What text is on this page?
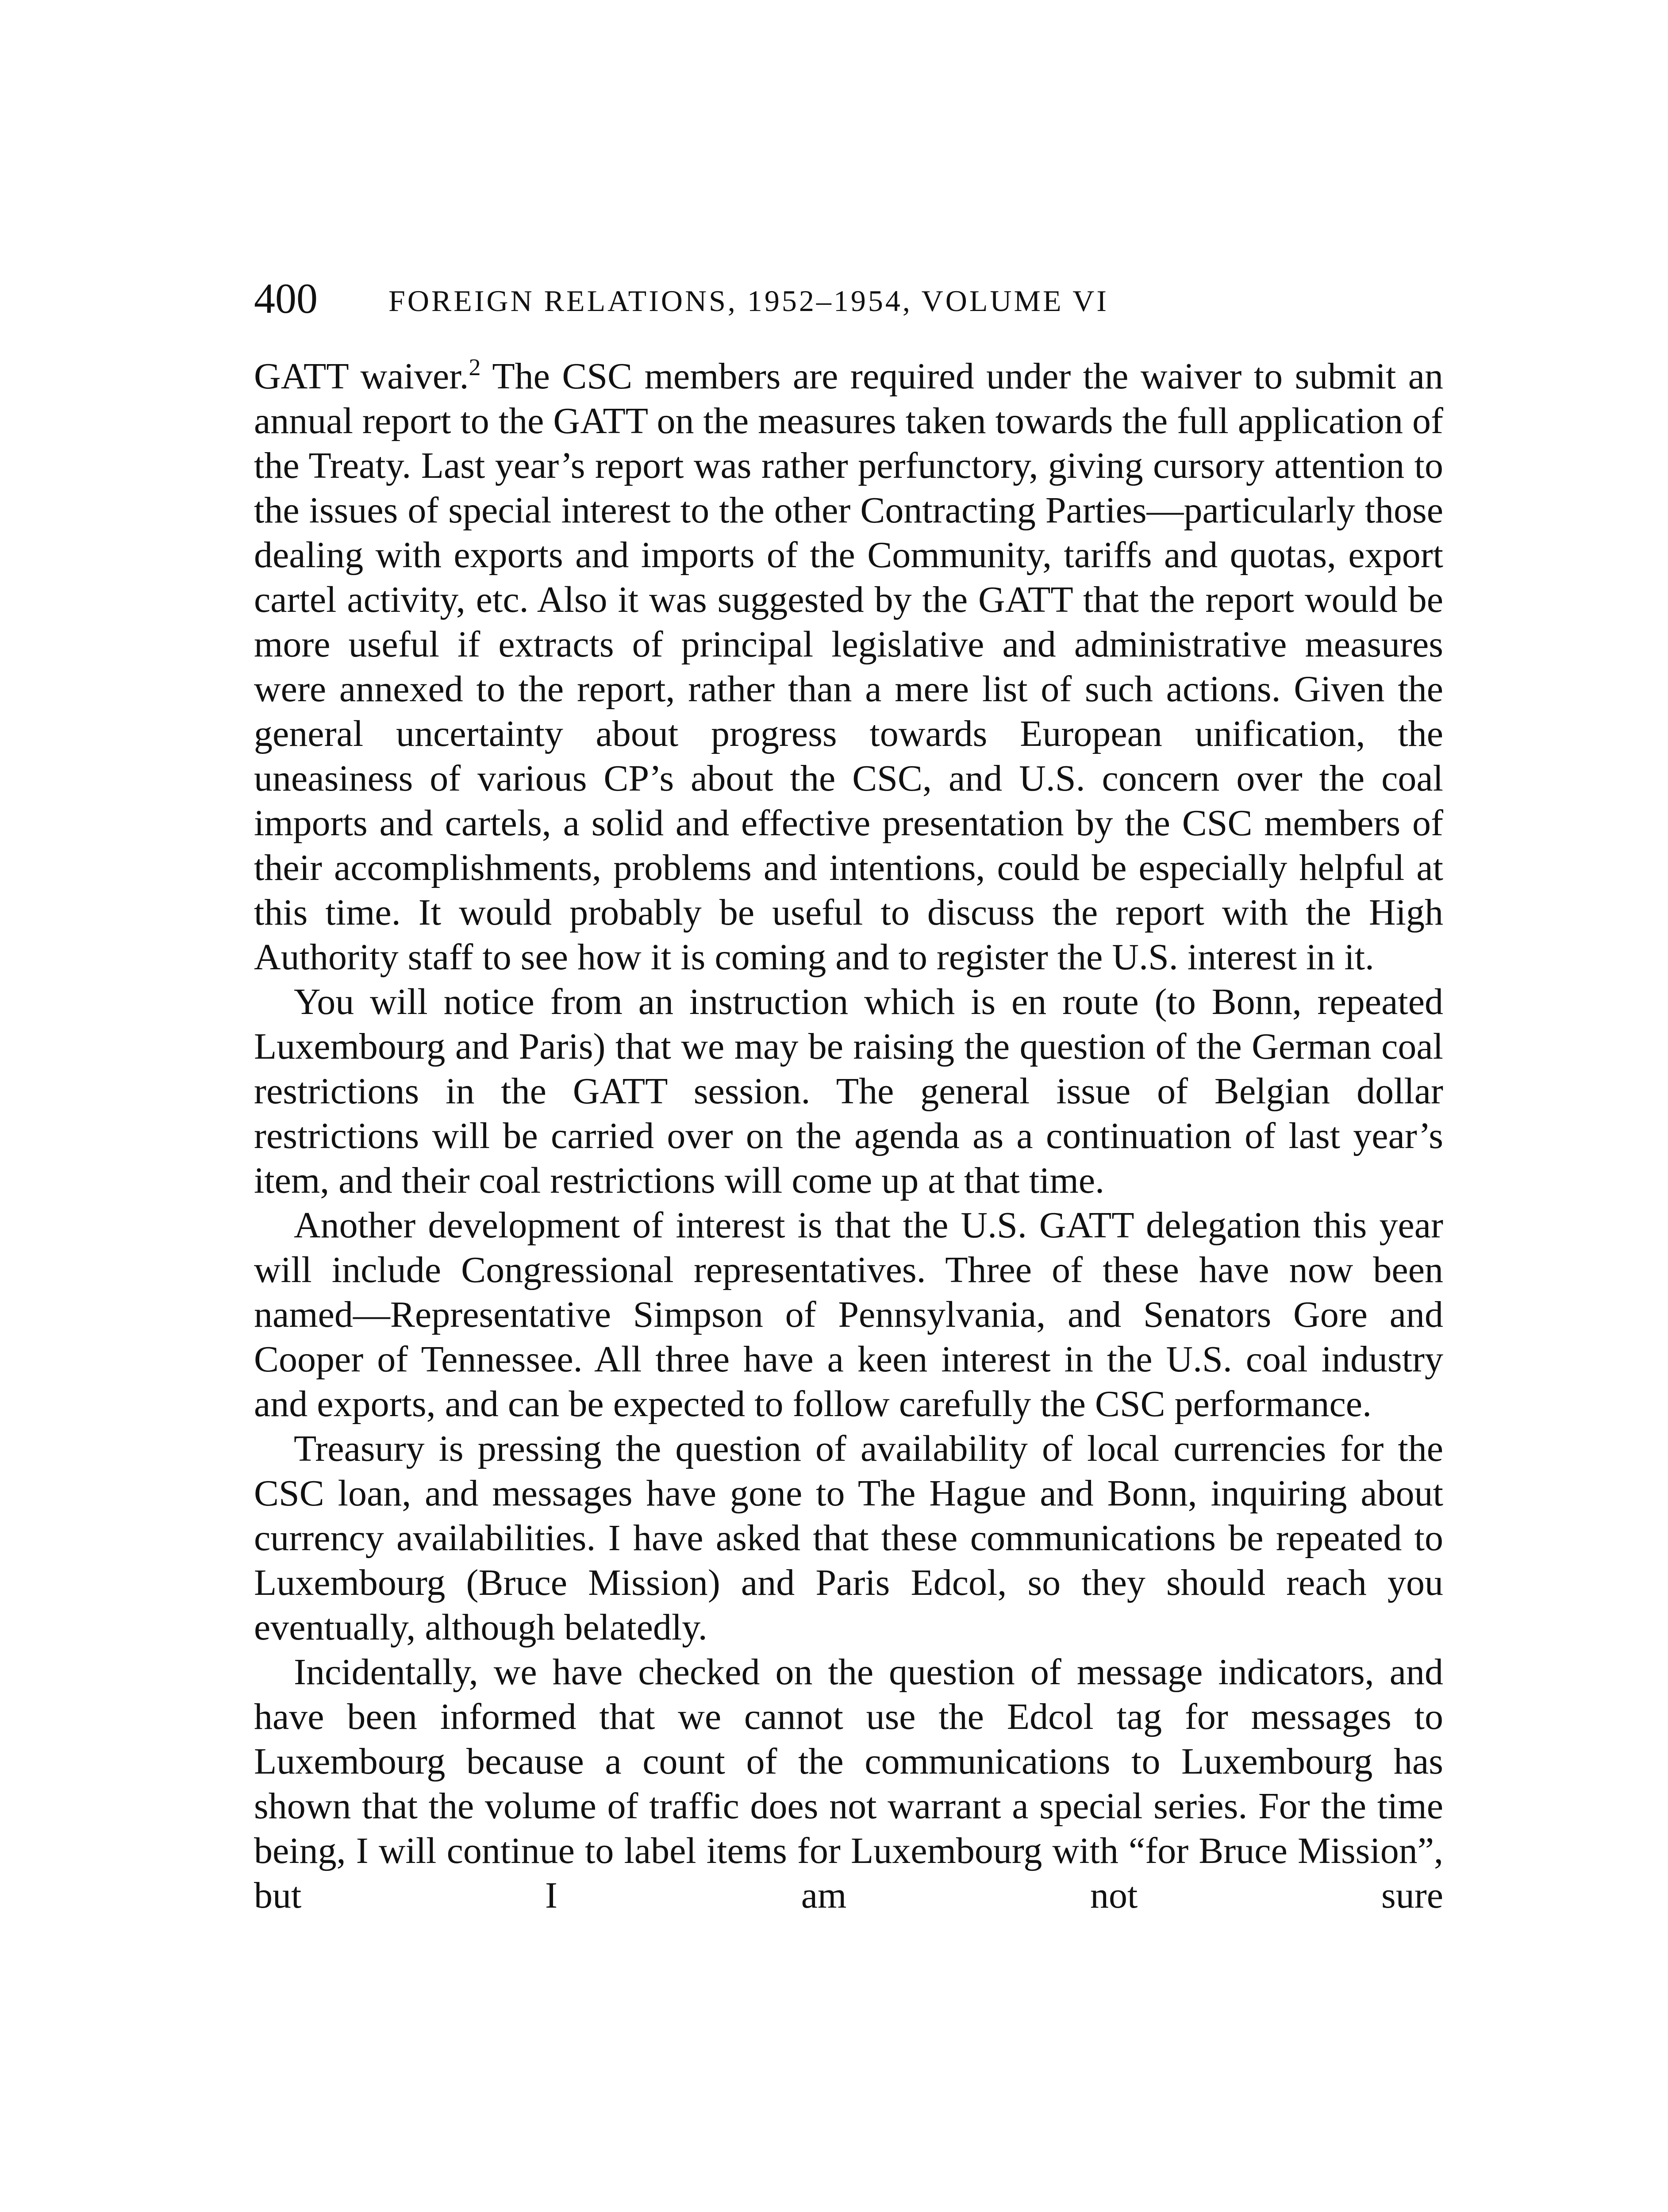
400 FOREIGN RELATIONS, 1952–1954, VOLUME VI

GATT waiver.$^2$ The CSC members are required under the waiver to submit an annual report to the GATT on the measures taken towards the full application of the Treaty. Last year’s report was rather perfunctory, giving cursory attention to the issues of special interest to the other Contracting Parties—particularly those dealing with exports and imports of the Community, tariffs and quotas, export cartel activity, etc. Also it was suggested by the GATT that the report would be more useful if extracts of principal legislative and administrative measures were annexed to the report, rather than a mere list of such actions. Given the general uncertainty about progress towards European unification, the uneasiness of various CP’s about the CSC, and U.S. concern over the coal imports and cartels, a solid and effective presentation by the CSC members of their accomplishments, problems and intentions, could be especially helpful at this time. It would probably be useful to discuss the report with the High Authority staff to see how it is coming and to register the U.S. interest in it.

You will notice from an instruction which is en route (to Bonn, repeated Luxembourg and Paris) that we may be raising the question of the German coal restrictions in the GATT session. The general issue of Belgian dollar restrictions will be carried over on the agenda as a continuation of last year’s item, and their coal restrictions will come up at that time.

Another development of interest is that the U.S. GATT delegation this year will include Congressional representatives. Three of these have now been named—Representative Simpson of Pennsylvania, and Senators Gore and Cooper of Tennessee. All three have a keen interest in the U.S. coal industry and exports, and can be expected to follow carefully the CSC performance.

Treasury is pressing the question of availability of local currencies for the CSC loan, and messages have gone to The Hague and Bonn, inquiring about currency availabilities. I have asked that these communications be repeated to Luxembourg (Bruce Mission) and Paris Edcol, so they should reach you eventually, although belatedly.

Incidentally, we have checked on the question of message indicators, and have been informed that we cannot use the Edcol tag for messages to Luxembourg because a count of the communications to Luxembourg has shown that the volume of traffic does not warrant a special series. For the time being, I will continue to label items for Luxembourg with “for Bruce Mission”, but I am not sure
